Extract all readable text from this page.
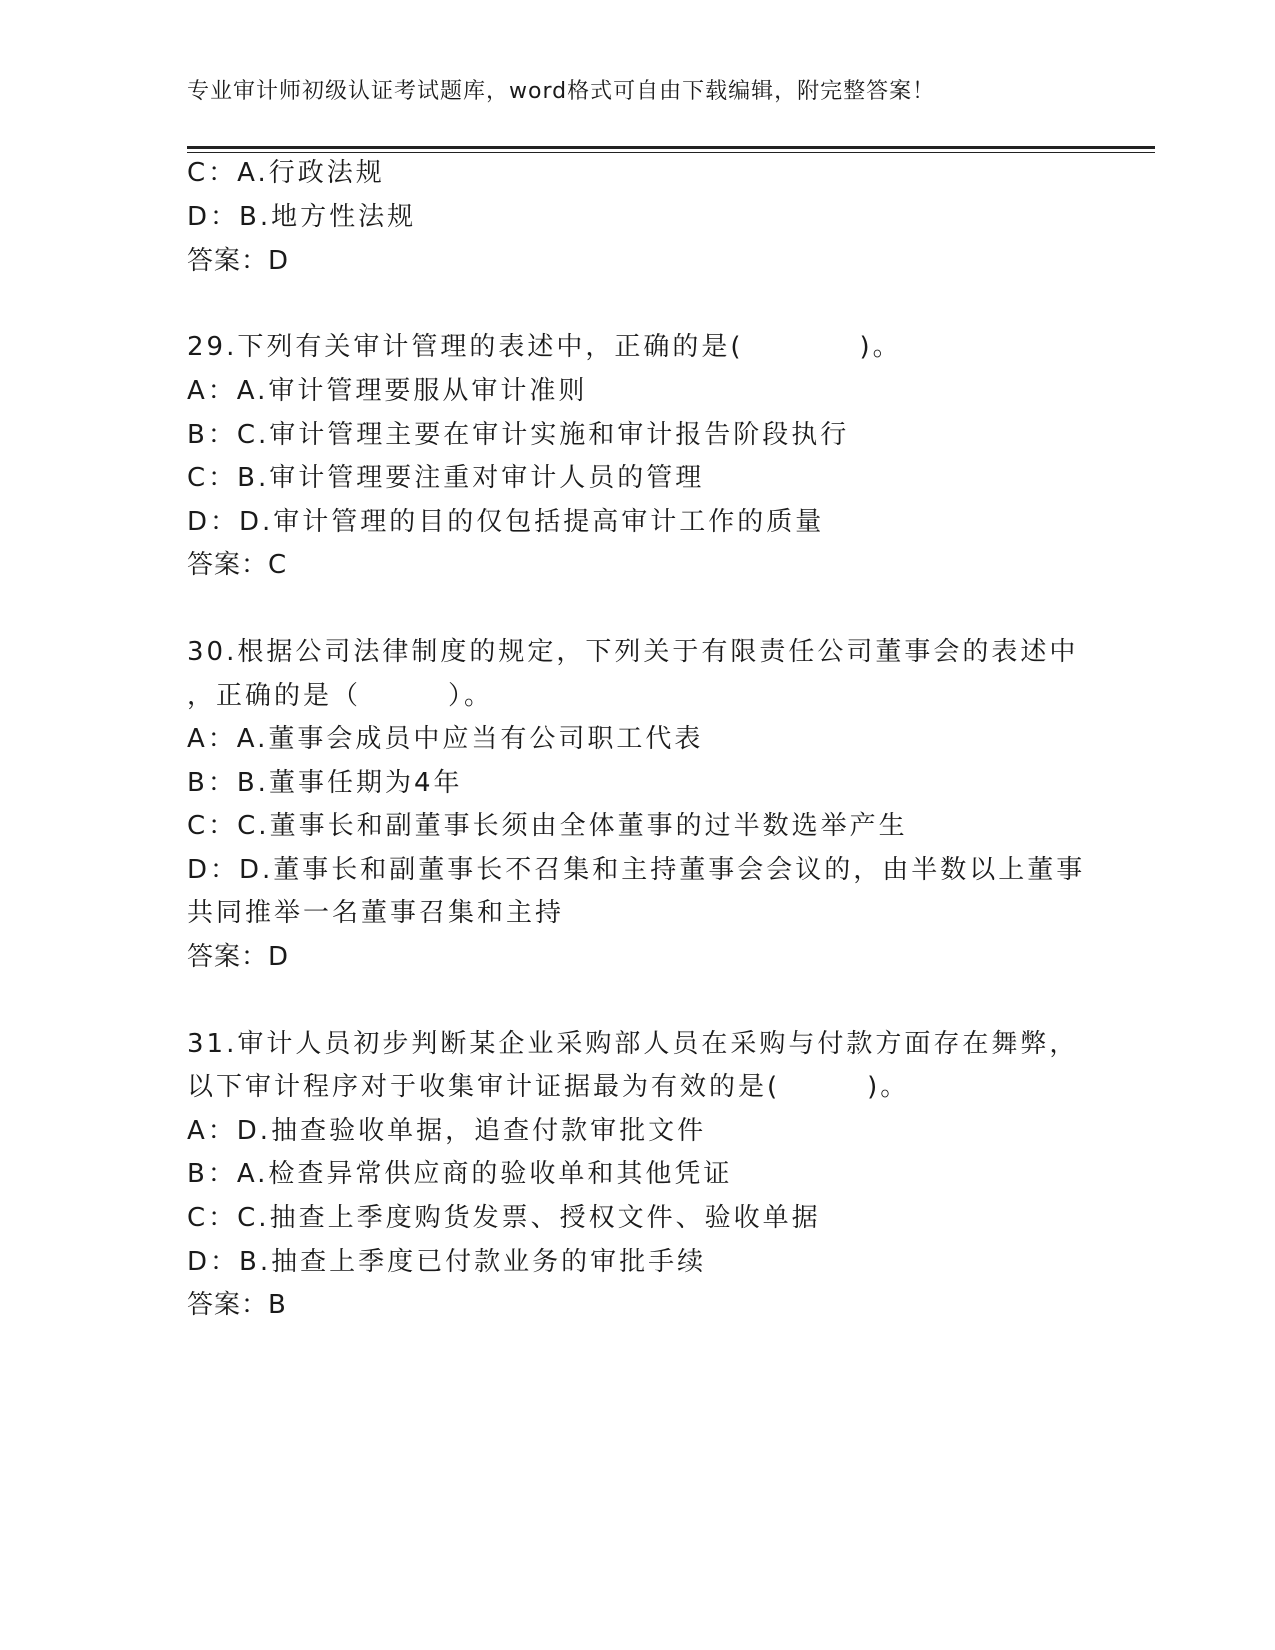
专业审计师初级认证考试题库，word格式可自由下载编辑，附完整答案！
C：A.行政法规
D：B.地方性法规
答案：D
29.下列有关审计管理的表述中，正确的是(　　　　)。
A：A.审计管理要服从审计准则
B：C.审计管理主要在审计实施和审计报告阶段执行
C：B.审计管理要注重对审计人员的管理
D：D.审计管理的目的仅包括提高审计工作的质量
答案：C
30.根据公司法律制度的规定，下列关于有限责任公司董事会的表述中
，正确的是（　　　）。
A：A.董事会成员中应当有公司职工代表
B：B.董事任期为4年
C：C.董事长和副董事长须由全体董事的过半数选举产生
D：D.董事长和副董事长不召集和主持董事会会议的，由半数以上董事
共同推举一名董事召集和主持
答案：D
31.审计人员初步判断某企业采购部人员在采购与付款方面存在舞弊，
以下审计程序对于收集审计证据最为有效的是(　　　)。
A：D.抽查验收单据，追查付款审批文件
B：A.检查异常供应商的验收单和其他凭证
C：C.抽查上季度购货发票、授权文件、验收单据
D：B.抽查上季度已付款业务的审批手续
答案：B
